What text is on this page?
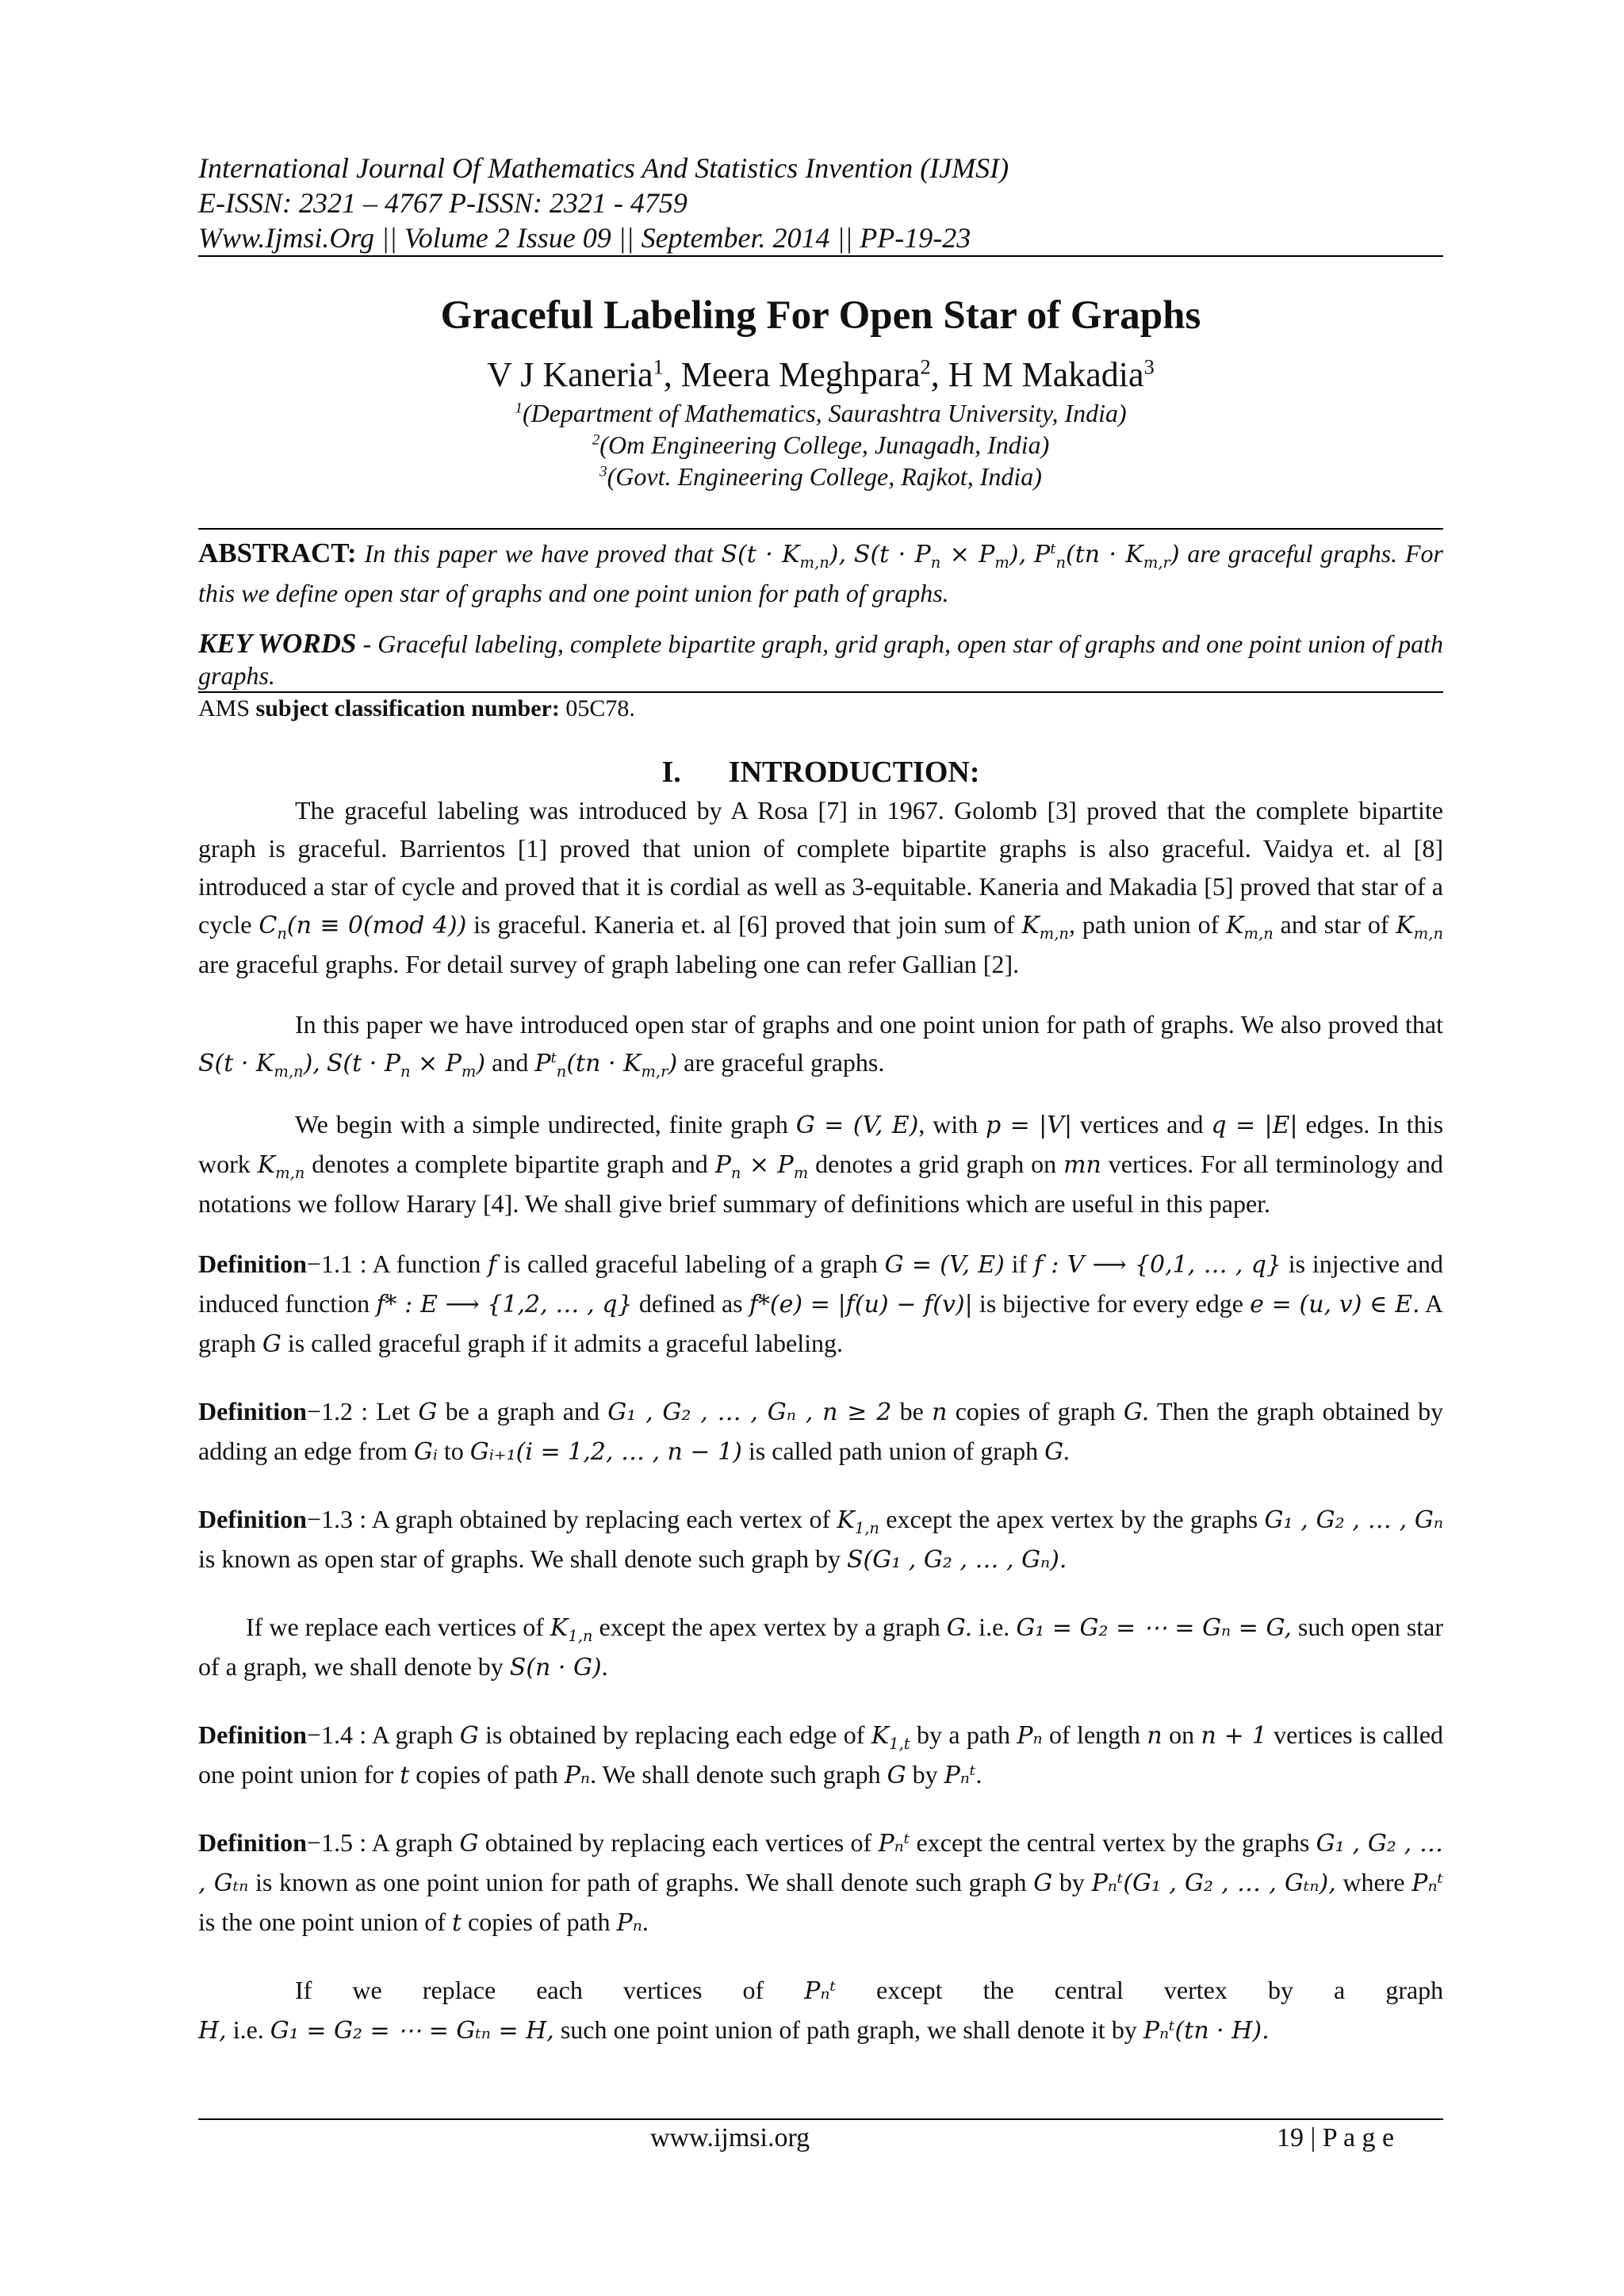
International Journal Of Mathematics And Statistics Invention (IJMSI)
E-ISSN: 2321 – 4767 P-ISSN: 2321 - 4759
Www.Ijmsi.Org || Volume 2 Issue 09 || September. 2014 || PP-19-23
Graceful Labeling For Open Star of Graphs
V J Kaneria$^1$, Meera Meghpara$^2$, H M Makadia$^3$
$^1$(Department of Mathematics, Saurashtra University, India)
$^2$(Om Engineering College, Junagadh, India)
$^3$(Govt. Engineering College, Rajkot, India)

ABSTRACT: In this paper we have proved that $S(t \cdot K_{m,n})$, $S(t \cdot P_n \times P_m)$, $P^t_n(tn \cdot K_{m,r})$ are graceful graphs. For this we define open star of graphs and one point union for path of graphs.

KEY WORDS - Graceful labeling, complete bipartite graph, grid graph, open star of graphs and one point union of path graphs.

AMS subject classification number: 05C78.

I. INTRODUCTION:

The graceful labeling was introduced by A Rosa [7] in 1967. Golomb [3] proved that the complete bipartite graph is graceful. Barrientos [1] proved that union of complete bipartite graphs is also graceful. Vaidya et. al [8] introduced a star of cycle and proved that it is cordial as well as 3-equitable. Kaneria and Makadia [5] proved that star of a cycle $C_n(n \equiv 0(mod$ 4)) is graceful. Kaneria et. al [6] proved that join sum of $K_{m,n}$, path union of $K_{m,n}$ and star of $K_{m,n}$ are graceful graphs. For detail survey of graph labeling one can refer Gallian [2].

In this paper we have introduced open star of graphs and one point union for path of graphs. We also proved that $S(t \cdot K_{m,n})$, $S(t \cdot P_n \times P_m)$ and $P^t_n(tn \cdot K_{m,r})$ are graceful graphs.

We begin with a simple undirected, finite graph G = (V, E), with p = |V| vertices and q = |E| edges. In this work $K_{m,n}$ denotes a complete bipartite graph and $P_n \times P_m$ denotes a grid graph on mn vertices. For all terminology and notations we follow Harary [4]. We shall give brief summary of definitions which are useful in this paper.

Definition−1.1 : A function f is called graceful labeling of a graph G = (V, E) if f : V ⟶ {0,1, … , q} is injective and induced function f* : E ⟶ {1,2, … , q} defined as f*(e) = |f(u) − f(v)| is bijective for every edge e = (u, v) ∈ E. A graph G is called graceful graph if it admits a graceful labeling.

Definition−1.2 : Let G be a graph and G₁ , G₂ , … , Gₙ , n ≥ 2 be n copies of graph G. Then the graph obtained by adding an edge from Gᵢ to Gᵢ₊₁(i = 1,2, … , n − 1) is called path union of graph G.

Definition−1.3 : A graph obtained by replacing each vertex of $K_{1,n}$ except the apex vertex by the graphs G₁ , G₂ , … , Gₙ is known as open star of graphs. We shall denote such graph by S(G₁ , G₂ , … , Gₙ).

If we replace each vertices of $K_{1,n}$ except the apex vertex by a graph G. i.e. G₁ = G₂ = ⋯ = Gₙ = G, such open star of a graph, we shall denote by S(n · G).

Definition−1.4 : A graph G is obtained by replacing each edge of $K_{1,t}$ by a path Pₙ of length n on n + 1 vertices is called one point union for t copies of path Pₙ. We shall denote such graph G by Pₙᵗ.

Definition−1.5 : A graph G obtained by replacing each vertices of Pₙᵗ except the central vertex by the graphs G₁ , G₂ , … , Gₜₙ is known as one point union for path of graphs. We shall denote such graph G by Pₙᵗ(G₁ , G₂ , … , Gₜₙ), where Pₙᵗ is the one point union of t copies of path Pₙ.

If we replace each vertices of Pₙᵗ except the central vertex by a graph

H, i.e. G₁ = G₂ = ⋯ = Gₜₙ = H, such one point union of path graph, we shall denote it by Pₙᵗ(tn · H).

www.ijmsi.org	19 | P a g e
